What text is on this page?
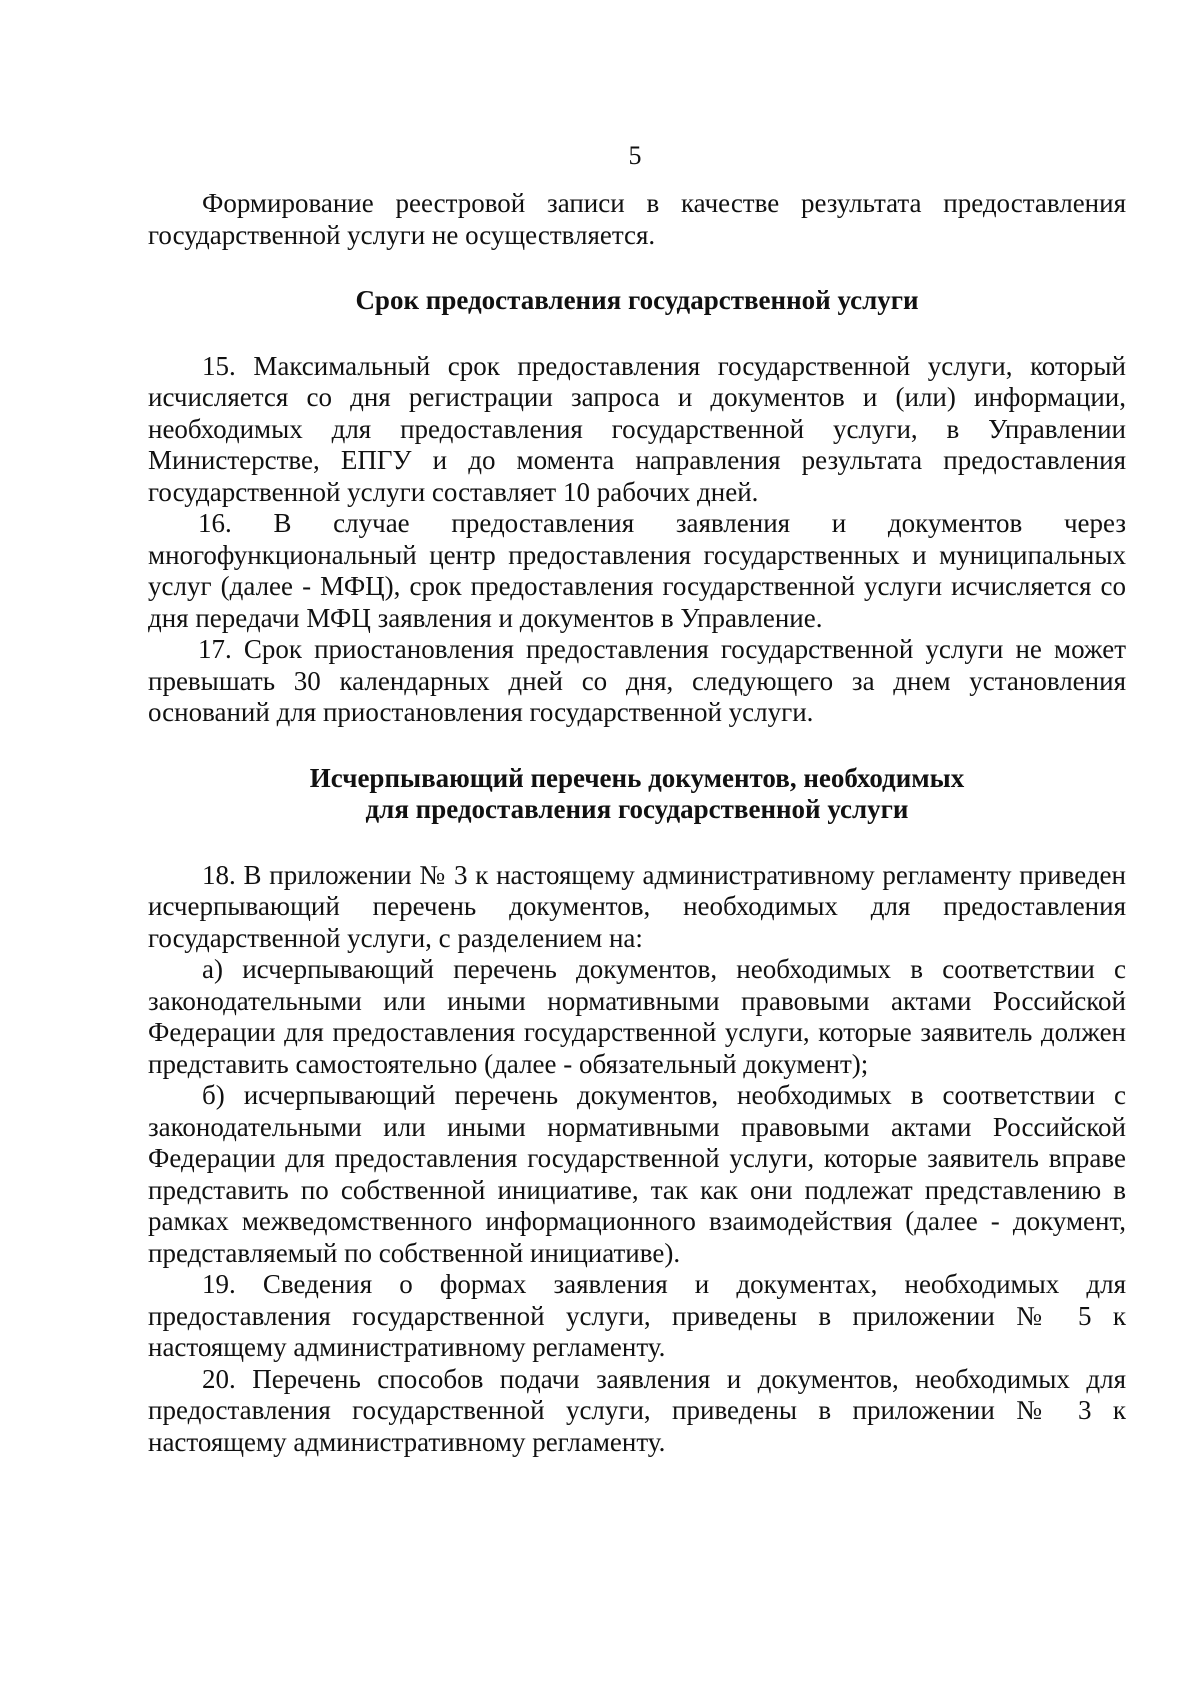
5

Формирование реестровой записи в качестве результата предоставления государственной услуги не осуществляется.

Срок предоставления государственной услуги

15. Максимальный срок предоставления государственной услуги, который исчисляется со дня регистрации запроса и документов и (или) информации, необходимых для предоставления государственной услуги, в Управлении Министерстве, ЕПГУ и до момента направления результата предоставления государственной услуги составляет 10 рабочих дней.

16. В случае предоставления заявления и документов через многофункциональный центр предоставления государственных и муниципальных услуг (далее - МФЦ), срок предоставления государственной услуги исчисляется со дня передачи МФЦ заявления и документов в Управление.

17. Срок приостановления предоставления государственной услуги не может превышать 30 календарных дней со дня, следующего за днем установления оснований для приостановления государственной услуги.

Исчерпывающий перечень документов, необходимых
для предоставления государственной услуги

18. В приложении № 3 к настоящему административному регламенту приведен исчерпывающий перечень документов, необходимых для предоставления государственной услуги, с разделением на:

а) исчерпывающий перечень документов, необходимых в соответствии с законодательными или иными нормативными правовыми актами Российской Федерации для предоставления государственной услуги, которые заявитель должен представить самостоятельно (далее - обязательный документ);

б) исчерпывающий перечень документов, необходимых в соответствии с законодательными или иными нормативными правовыми актами Российской Федерации для предоставления государственной услуги, которые заявитель вправе представить по собственной инициативе, так как они подлежат представлению в рамках межведомственного информационного взаимодействия (далее - документ, представляемый по собственной инициативе).

19. Сведения о формах заявления и документах, необходимых для предоставления государственной услуги, приведены в приложении № 5 к настоящему административному регламенту.

20. Перечень способов подачи заявления и документов, необходимых для предоставления государственной услуги, приведены в приложении № 3 к настоящему административному регламенту.
